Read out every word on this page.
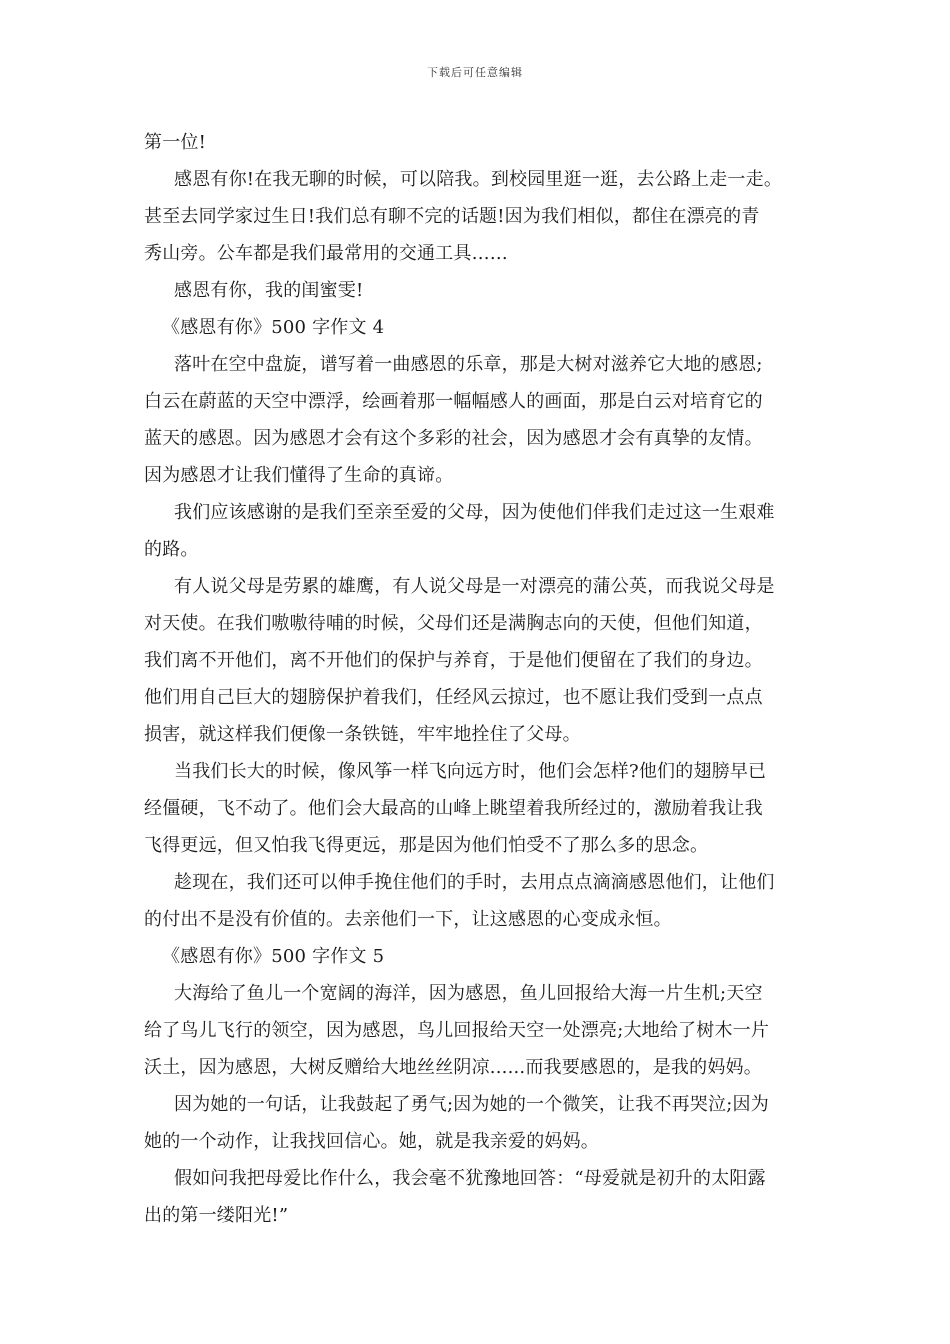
下载后可任意编辑
第一位!
感恩有你!在我无聊的时候，可以陪我。到校园里逛一逛，去公路上走一走。
甚至去同学家过生日!我们总有聊不完的话题!因为我们相似，都住在漂亮的青
秀山旁。公车都是我们最常用的交通工具……
感恩有你，我的闺蜜雯!
《感恩有你》500 字作文 4
落叶在空中盘旋，谱写着一曲感恩的乐章，那是大树对滋养它大地的感恩;
白云在蔚蓝的天空中漂浮，绘画着那一幅幅感人的画面，那是白云对培育它的
蓝天的感恩。因为感恩才会有这个多彩的社会，因为感恩才会有真挚的友情。
因为感恩才让我们懂得了生命的真谛。
我们应该感谢的是我们至亲至爱的父母，因为使他们伴我们走过这一生艰难
的路。
有人说父母是劳累的雄鹰，有人说父母是一对漂亮的蒲公英，而我说父母是
对天使。在我们嗷嗷待哺的时候，父母们还是满胸志向的天使，但他们知道，
我们离不开他们，离不开他们的保护与养育，于是他们便留在了我们的身边。
他们用自己巨大的翅膀保护着我们，任经风云掠过，也不愿让我们受到一点点
损害，就这样我们便像一条铁链，牢牢地拴住了父母。
当我们长大的时候，像风筝一样飞向远方时，他们会怎样?他们的翅膀早已
经僵硬，飞不动了。他们会大最高的山峰上眺望着我所经过的，激励着我让我
飞得更远，但又怕我飞得更远，那是因为他们怕受不了那么多的思念。
趁现在，我们还可以伸手挽住他们的手时，去用点点滴滴感恩他们，让他们
的付出不是没有价值的。去亲他们一下，让这感恩的心变成永恒。
《感恩有你》500 字作文 5
大海给了鱼儿一个宽阔的海洋，因为感恩，鱼儿回报给大海一片生机;天空
给了鸟儿飞行的领空，因为感恩，鸟儿回报给天空一处漂亮;大地给了树木一片
沃土，因为感恩，大树反赠给大地丝丝阴凉......而我要感恩的，是我的妈妈。
因为她的一句话，让我鼓起了勇气;因为她的一个微笑，让我不再哭泣;因为
她的一个动作，让我找回信心。她，就是我亲爱的妈妈。
假如问我把母爱比作什么，我会毫不犹豫地回答：“母爱就是初升的太阳露
出的第一缕阳光!”
